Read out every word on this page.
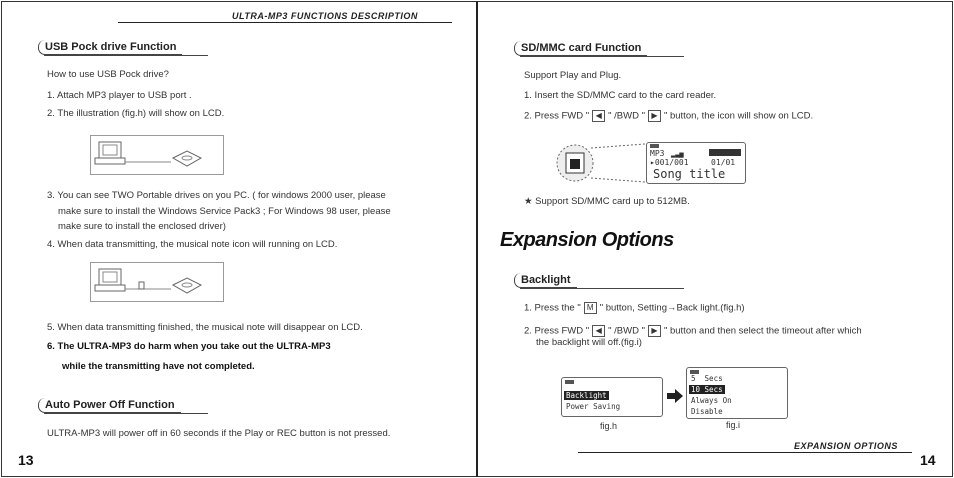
ULTRA-MP3 FUNCTIONS DESCRIPTION
USB Pock drive Function
How to use USB Pock drive?
1. Attach MP3 player to USB port .
2. The illustration (fig.h) will show on LCD.
3. You can see TWO Portable drives on you PC. ( for windows 2000 user, please
make sure to install the Windows Service Pack3 ; For Windows 98 user, please
make sure to install the enclosed driver)
4. When data transmitting, the musical note icon will running on LCD.
5. When data transmitting finished, the musical note will disappear on LCD.
6. The ULTRA-MP3 do harm when you take out the ULTRA-MP3
while the transmitting have not completed.
Auto Power Off Function
ULTRA-MP3 will power off in 60 seconds if the Play or REC button is not pressed.
13
SD/MMC card Function
Support Play and Plug.
1. Insert the SD/MMC card to the card reader.
2. Press FWD " ◀ " /BWD " ▶ " button, the icon will show on LCD.
MP3 ▂▃▅
▸001/001	01/01
Song title
★ Support SD/MMC card up to 512MB.
Expansion Options
Backlight
1. Press the " M " button, Setting→Back light.(fig.h)
2. Press FWD " ◀ " /BWD " ▶ " button and then select the timeout after which
the backlight will off.(fig.i)
Backlight
Power Saving
fig.h
5  Secs
10 Secs
Always On
Disable
fig.i
EXPANSION OPTIONS
14
